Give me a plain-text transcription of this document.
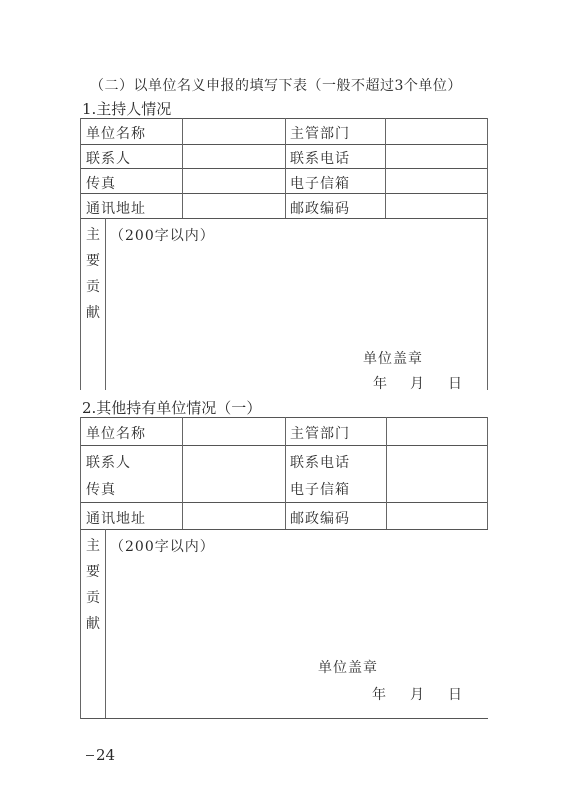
（二）以单位名义申报的填写下表（一般不超过3个单位）
1.主持人情况
单位名称	主管部门
联系人	联系电话
传真	电子信箱
通讯地址	邮政编码
主
要
贡
献
（200字以内）
单位盖章
年 月 日
2.其他持有单位情况（一）
单位名称	主管部门
联系人	联系电话
传真	电子信箱
通讯地址	邮政编码
主
要
贡
献
（200字以内）
单位盖章
年 月 日
24
